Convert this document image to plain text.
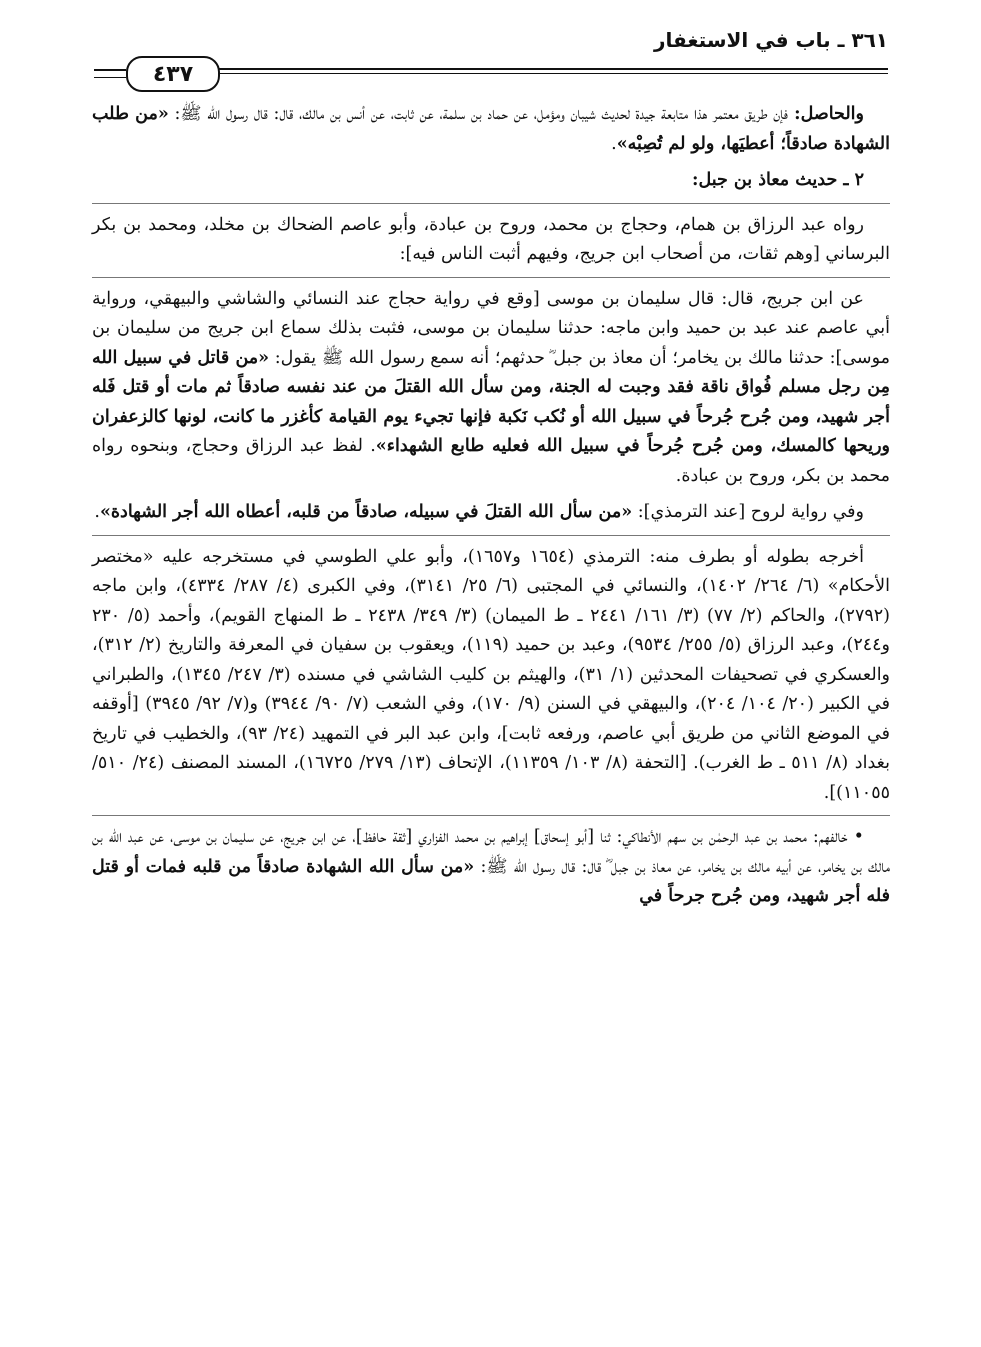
٣٦١ ـ باب في الاستغفار
٤٣٧

والحاصل: فإن طريق معتمر هذا متابعة جيدة لحديث شيبان ومؤمل، عن حماد بن سلمة، عن ثابت، عن أنس بن مالك، قال: قال رسول الله ﷺ: «من طلب الشهادة صادقاً؛ أعطيَها، ولو لم تُصِبْه».

٢ ـ حديث معاذ بن جبل:

رواه عبد الرزاق بن همام، وحجاج بن محمد، وروح بن عبادة، وأبو عاصم الضحاك بن مخلد، ومحمد بن بكر البرساني [وهم ثقات، من أصحاب ابن جريج، وفيهم أثبت الناس فيه]:

عن ابن جريج، قال: قال سليمان بن موسى [وقع في رواية حجاج عند النسائي والشاشي والبيهقي، ورواية أبي عاصم عند عبد بن حميد وابن ماجه: حدثنا سليمان بن موسى، فثبت بذلك سماع ابن جريج من سليمان بن موسى]: حدثنا مالك بن يخامر؛ أن معاذ بن جبل ؓ حدثهم؛ أنه سمع رسول الله ﷺ يقول: «من قاتل في سبيل الله مِن رجل مسلم فُواق ناقة فقد وجبت له الجنة، ومن سأل الله القتلَ من عند نفسه صادقاً ثم مات أو قتل فَله أجر شهيد، ومن جُرح جُرحاً في سبيل الله أو نُكب نَكبة فإنها تجيء يوم القيامة كأغزر ما كانت، لونها كالزعفران وريحها كالمسك، ومن جُرح جُرحاً في سبيل الله فعليه طابع الشهداء». لفظ عبد الرزاق وحجاج، وبنحوه رواه محمد بن بكر، وروح بن عبادة.

وفي رواية لروح [عند الترمذي]: «من سأل الله القتلَ في سبيله، صادقاً من قلبه، أعطاه الله أجر الشهادة».

أخرجه بطوله أو بطرف منه: الترمذي (١٦٥٤ و١٦٥٧)، وأبو علي الطوسي في مستخرجه عليه «مختصر الأحكام» (٦/ ٢٦٤/ ١٤٠٢)، والنسائي في المجتبى (٦/ ٢٥/ ٣١٤١)، وفي الكبرى (٤/ ٢٨٧/ ٤٣٣٤)، وابن ماجه (٢٧٩٢)، والحاكم (٢/ ٧٧) (٣/ ١٦١/ ٢٤٤١ ـ ط الميمان) (٣/ ٣٤٩/ ٢٤٣٨ ـ ط المنهاج القويم)، وأحمد (٥/ ٢٣٠ و٢٤٤)، وعبد الرزاق (٥/ ٢٥٥/ ٩٥٣٤)، وعبد بن حميد (١١٩)، ويعقوب بن سفيان في المعرفة والتاريخ (٢/ ٣١٢)، والعسكري في تصحيفات المحدثين (١/ ٣١)، والهيثم بن كليب الشاشي في مسنده (٣/ ٢٤٧/ ١٣٤٥)، والطبراني في الكبير (٢٠/ ١٠٤/ ٢٠٤)، والبيهقي في السنن (٩/ ١٧٠)، وفي الشعب (٧/ ٩٠/ ٣٩٤٤) و(٧/ ٩٢/ ٣٩٤٥) [أوقفه في الموضع الثاني من طريق أبي عاصم، ورفعه ثابت]، وابن عبد البر في التمهيد (٢٤/ ٩٣)، والخطيب في تاريخ بغداد (٨/ ٥١١ ـ ط الغرب). [التحفة (٨/ ١٠٣/ ١١٣٥٩)، الإتحاف (١٣/ ٢٧٩/ ١٦٧٢٥)، المسند المصنف (٢٤/ ٥١٠/ ١١٠٥٥)].

• خالفهم: محمد بن عبد الرحمٰن بن سهم الأنطاكي: ثنا [أبو إسحاق] إبراهيم بن محمد الفزاري [ثقة حافظ]، عن ابن جريج، عن سليمان بن موسى، عن عبد الله بن مالك بن يخامر، عن أبيه مالك بن يخامر، عن معاذ بن جبل ؓ قال: قال رسول الله ﷺ: «من سأل الله الشهادة صادقاً من قلبه فمات أو قتل فله أجر شهيد، ومن جُرح جرحاً في
